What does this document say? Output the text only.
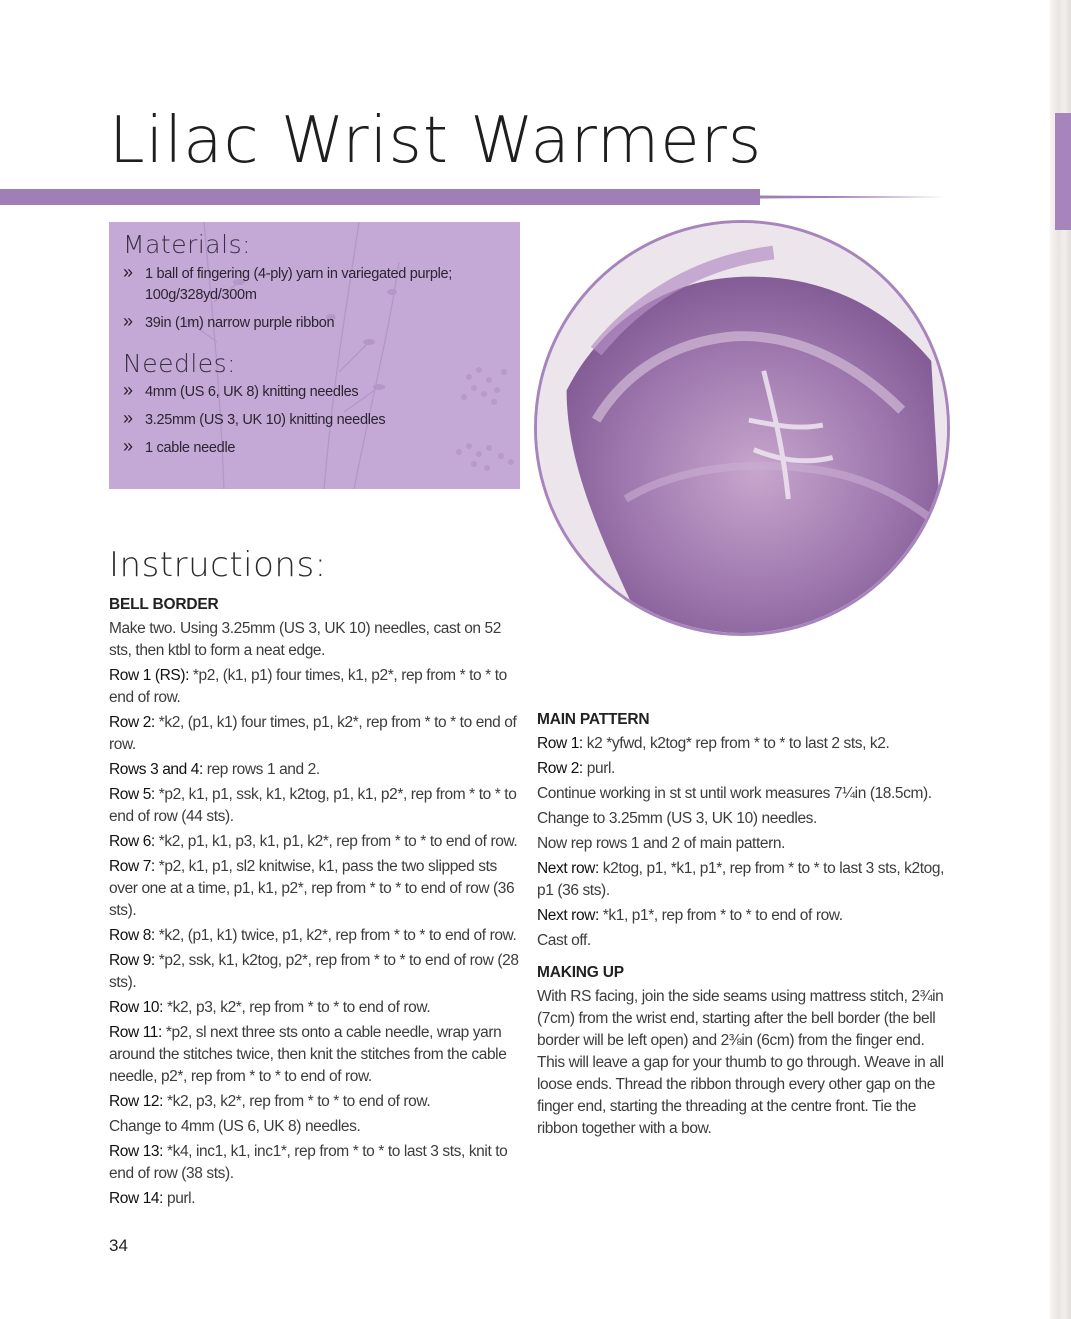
Lilac Wrist Warmers
Materials:
» 1 ball of fingering (4-ply) yarn in variegated purple; 100g/328yd/300m
» 39in (1m) narrow purple ribbon
Needles:
» 4mm (US 6, UK 8) knitting needles
» 3.25mm (US 3, UK 10) knitting needles
» 1 cable needle
Instructions:
BELL BORDER

Make two. Using 3.25mm (US 3, UK 10) needles, cast on 52 sts, then ktbl to form a neat edge.

Row 1 (RS): *p2, (k1, p1) four times, k1, p2*, rep from * to * to end of row.

Row 2: *k2, (p1, k1) four times, p1, k2*, rep from * to * to end of row.

Rows 3 and 4: rep rows 1 and 2.

Row 5: *p2, k1, p1, ssk, k1, k2tog, p1, k1, p2*, rep from * to * to end of row (44 sts).

Row 6: *k2, p1, k1, p3, k1, p1, k2*, rep from * to * to end of row.

Row 7: *p2, k1, p1, sl2 knitwise, k1, pass the two slipped sts over one at a time, p1, k1, p2*, rep from * to * to end of row (36 sts).

Row 8: *k2, (p1, k1) twice, p1, k2*, rep from * to * to end of row.

Row 9: *p2, ssk, k1, k2tog, p2*, rep from * to * to end of row (28 sts).

Row 10: *k2, p3, k2*, rep from * to * to end of row.

Row 11: *p2, sl next three sts onto a cable needle, wrap yarn around the stitches twice, then knit the stitches from the cable needle, p2*, rep from * to * to end of row.

Row 12: *k2, p3, k2*, rep from * to * to end of row.

Change to 4mm (US 6, UK 8) needles.

Row 13: *k4, inc1, k1, inc1*, rep from * to * to last 3 sts, knit to end of row (38 sts).

Row 14: purl.

MAIN PATTERN

Row 1: k2 *yfwd, k2tog* rep from * to * to last 2 sts, k2.

Row 2: purl.

Continue working in st st until work measures 7¼in (18.5cm).

Change to 3.25mm (US 3, UK 10) needles.

Now rep rows 1 and 2 of main pattern.

Next row: k2tog, p1, *k1, p1*, rep from * to * to last 3 sts, k2tog, p1 (36 sts).

Next row: *k1, p1*, rep from * to * to end of row.

Cast off.

MAKING UP

With RS facing, join the side seams using mattress stitch, 2¾in (7cm) from the wrist end, starting after the bell border (the bell border will be left open) and 2⅜in (6cm) from the finger end. This will leave a gap for your thumb to go through. Weave in all loose ends. Thread the ribbon through every other gap on the finger end, starting the threading at the centre front. Tie the ribbon together with a bow.

34
